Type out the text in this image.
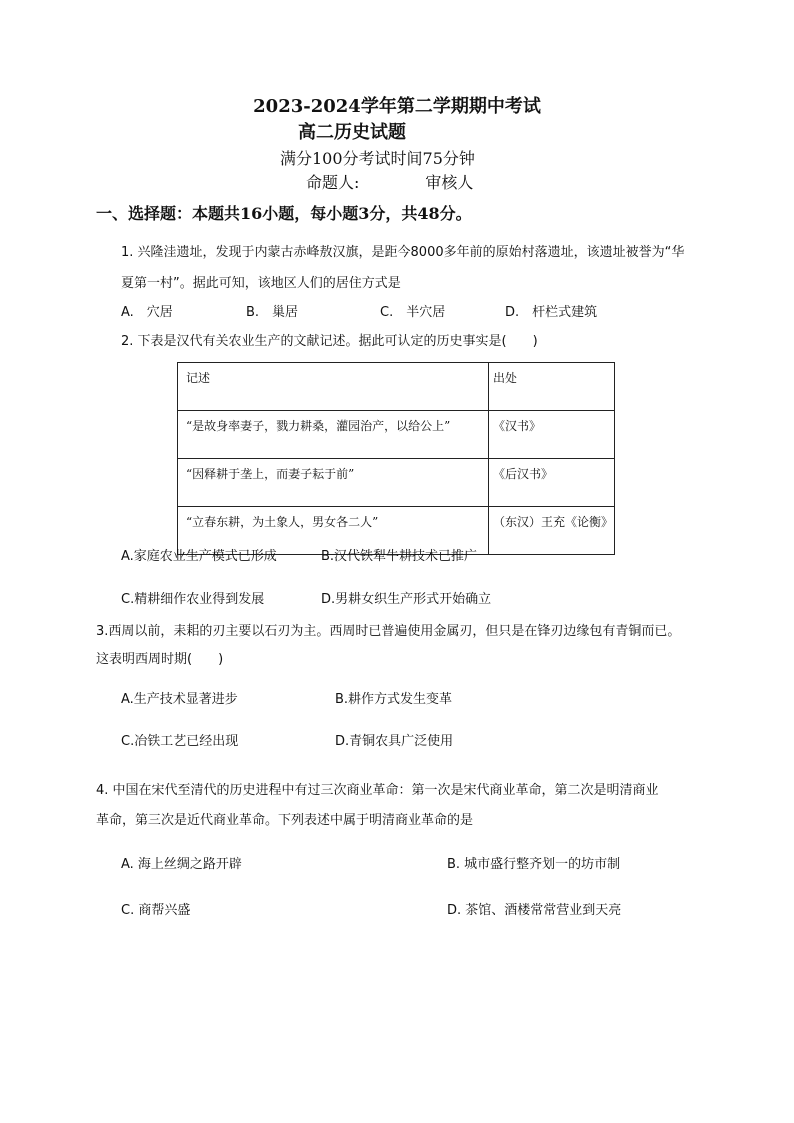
2023-2024学年第二学期期中考试
高二历史试题
满分100分考试时间75分钟
命题人:	审核人
一、选择题：本题共16小题，每小题3分，共48分。
1. 兴隆洼遗址，发现于内蒙古赤峰敖汉旗，是距今8000多年前的原始村落遗址，该遗址被誉为“华
夏第一村”。据此可知，该地区人们的居住方式是
A.　穴居	B.　巢居	C.　半穴居	D.　杆栏式建筑
2. 下表是汉代有关农业生产的文献记述。据此可认定的历史事实是(　　)
记述	出处
“是故身率妻子，戮力耕桑，灌园治产，以给公上”	《汉书》
“因释耕于垄上，而妻子耘于前”	《后汉书》
“立春东耕，为土象人，男女各二人”	（东汉）王充《论衡》
A.家庭农业生产模式已形成	B.汉代铁犁牛耕技术已推广
C.精耕细作农业得到发展	D.男耕女织生产形式开始确立
3.西周以前，耒耜的刃主要以石刃为主。西周时已普遍使用金属刃，但只是在锋刃边缘包有青铜而已。
这表明西周时期(　　)
A.生产技术显著进步	B.耕作方式发生变革
C.冶铁工艺已经出现	D.青铜农具广泛使用
4. 中国在宋代至清代的历史进程中有过三次商业革命：第一次是宋代商业革命，第二次是明清商业
革命，第三次是近代商业革命。下列表述中属于明清商业革命的是
A. 海上丝绸之路开辟	B. 城市盛行整齐划一的坊市制
C. 商帮兴盛	D. 茶馆、酒楼常常营业到天亮
